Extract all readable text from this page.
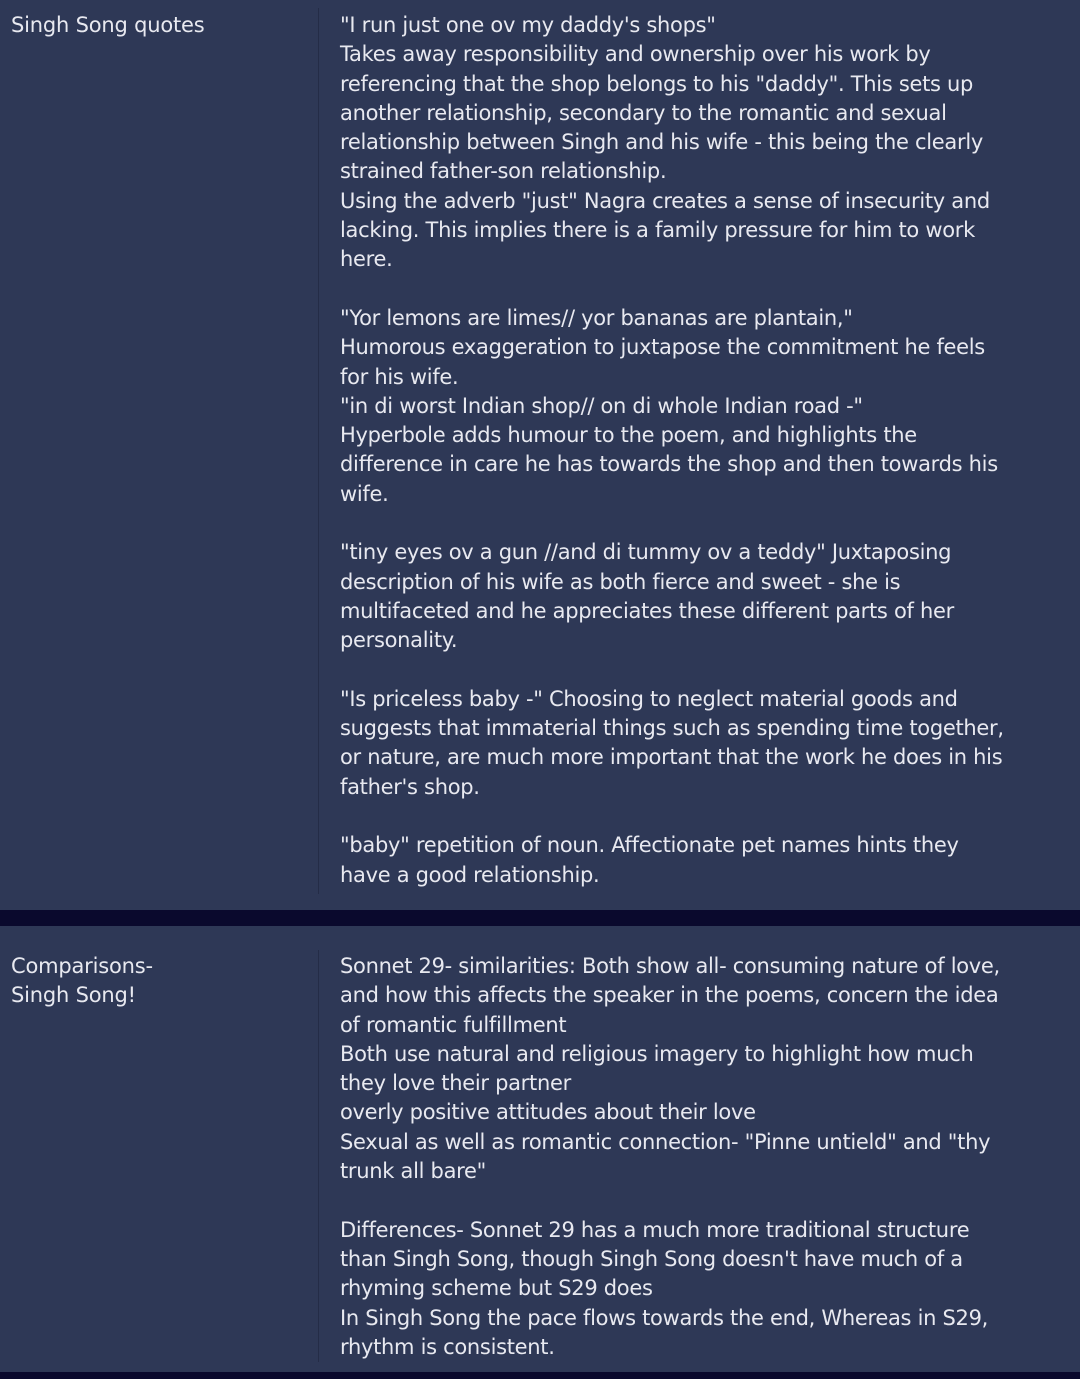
Singh Song quotes	"I run just one ov my daddy's shops"
Takes away responsibility and ownership over his work by
referencing that the shop belongs to his "daddy". This sets up
another relationship, secondary to the romantic and sexual
relationship between Singh and his wife - this being the clearly
strained father-son relationship.
Using the adverb "just" Nagra creates a sense of insecurity and
lacking. This implies there is a family pressure for him to work
here.
"Yor lemons are limes// yor bananas are plantain,"
Humorous exaggeration to juxtapose the commitment he feels
for his wife.
"in di worst Indian shop// on di whole Indian road -"
Hyperbole adds humour to the poem, and highlights the
difference in care he has towards the shop and then towards his
wife.
"tiny eyes ov a gun //and di tummy ov a teddy" Juxtaposing
description of his wife as both fierce and sweet - she is
multifaceted and he appreciates these different parts of her
personality.
"Is priceless baby -" Choosing to neglect material goods and
suggests that immaterial things such as spending time together,
or nature, are much more important that the work he does in his
father's shop.
"baby" repetition of noun. Affectionate pet names hints they
have a good relationship.
Comparisons-
Singh Song!
Sonnet 29- similarities: Both show all- consuming nature of love,
and how this affects the speaker in the poems, concern the idea
of romantic fulfillment
Both use natural and religious imagery to highlight how much
they love their partner
overly positive attitudes about their love
Sexual as well as romantic connection- "Pinne untield" and "thy
trunk all bare"
Differences- Sonnet 29 has a much more traditional structure
than Singh Song, though Singh Song doesn't have much of a
rhyming scheme but S29 does
In Singh Song the pace flows towards the end, Whereas in S29,
rhythm is consistent.
